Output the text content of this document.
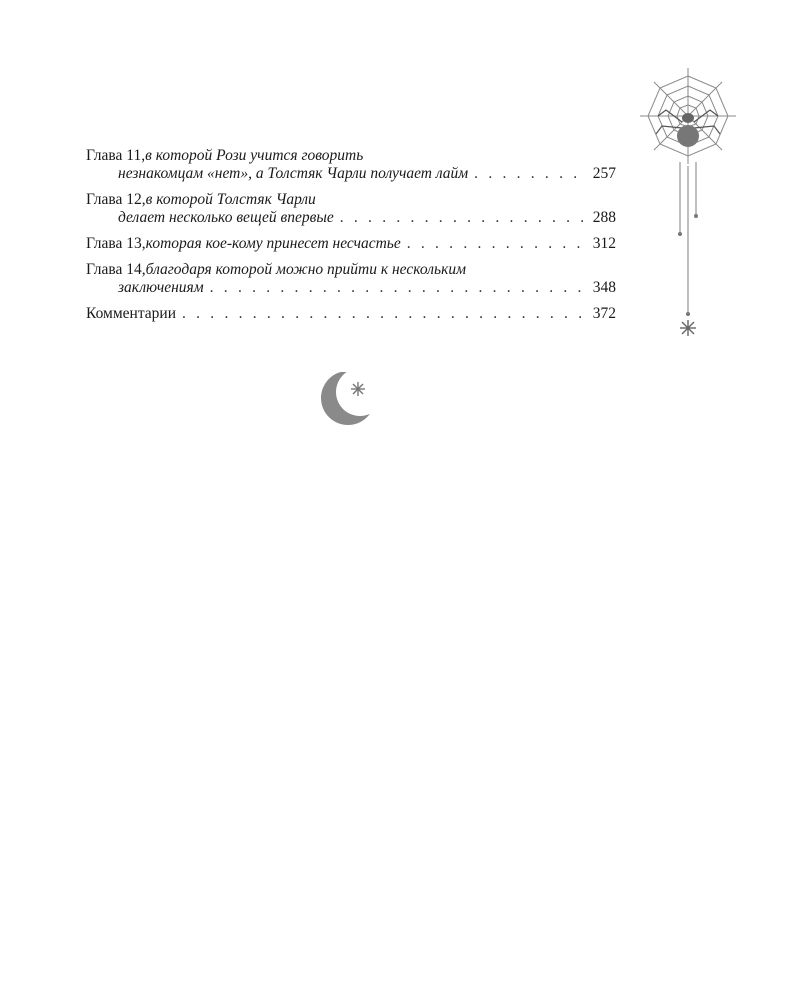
Глава 11, в которой Рози учится говорить
незнакомцам «нет», а Толстяк Чарли получает лайм . . .	257
Глава 12, в которой Толстяк Чарли
делает несколько вещей впервые . . .	288
Глава 13, которая кое-кому принесет несчастье . . .	312
Глава 14, благодаря которой можно прийти к нескольким
заключениям . . .	348
Комментарии . . .	372
